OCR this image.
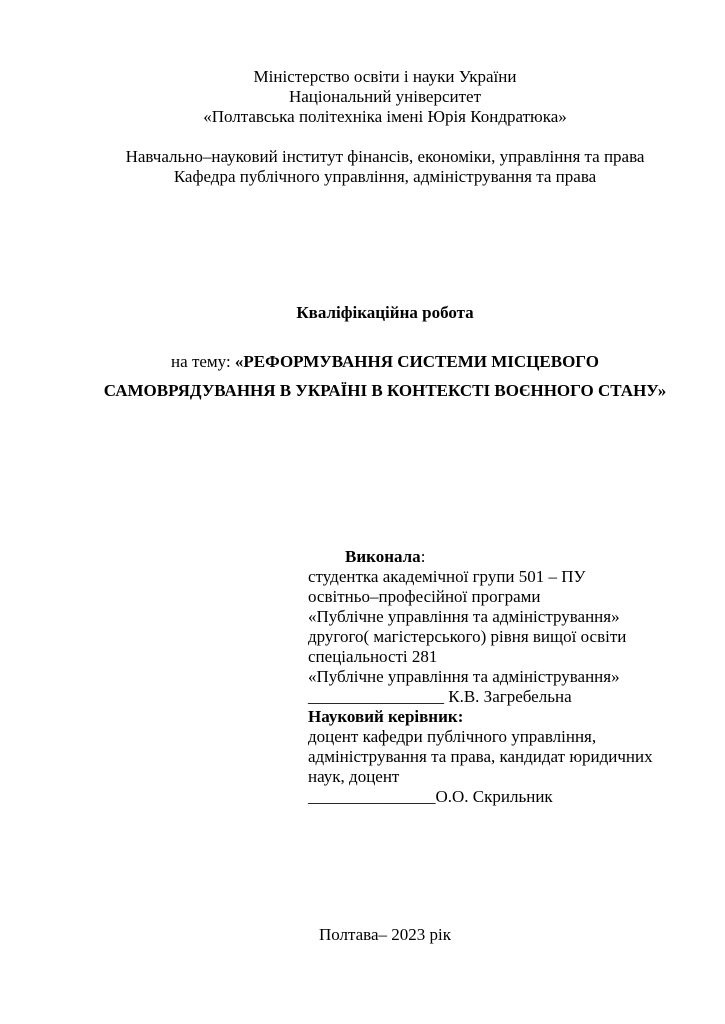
Міністерство освіти і науки України
Національний університет
«Полтавська політехніка імені Юрія Кондратюка»
Навчально–науковий інститут фінансів, економіки, управління та права
Кафедра публічного управління, адміністрування та права
Кваліфікаційна робота
на тему: «РЕФОРМУВАННЯ СИСТЕМИ МІСЦЕВОГО
САМОВРЯДУВАННЯ В УКРАЇНІ В КОНТЕКСТІ ВОЄННОГО СТАНУ»
Виконала:
студентка академічної групи 501 – ПУ
освітньо–професійної програми
«Публічне управління та адміністрування»
другого( магістерського) рівня вищої освіти
спеціальності 281
«Публічне управління та адміністрування»
________________ К.В. Загребельна
Науковий керівник:
доцент кафедри публічного управління,
адміністрування та права, кандидат юридичних
наук, доцент
_______________О.О. Скрильник
Полтава– 2023 рік
